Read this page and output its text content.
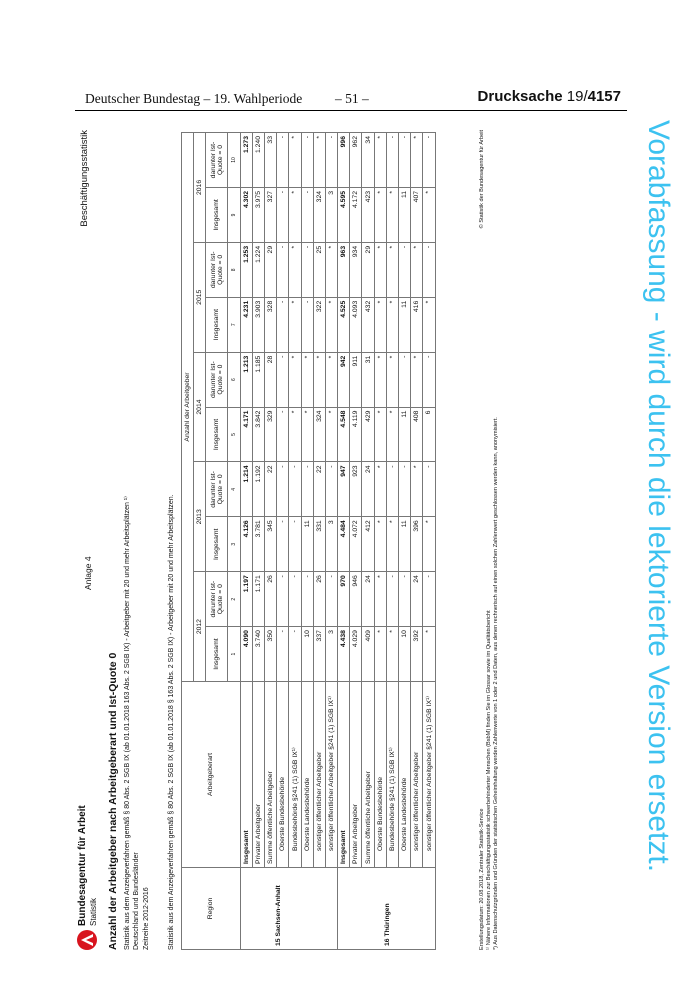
Deutscher Bundestag – 19. Wahlperiode – 51 –	Drucksache 19/4157
Bundesagentur für Arbeit Statistik
Anlage 4
Beschäftigungsstatistik
Anzahl der Arbeitgeber nach Arbeitgeberart und Ist-Quote 0 Statistik aus dem Anzeigeverfahren gemäß § 80 Abs. 2 SGB IX (ab 01.01.2018 163 Abs. 2 SGB IX) - Arbeitgeber mit 20 und mehr Arbeitsplätzen ¹⁾ Deutschland und Bundesländer Zeitreihe 2012-2016	Statistik aus dem Anzeigeverfahren gemäß § 80 Abs. 2 SGB IX (ab 01.01.2018 § 163 Abs. 2 SGB IX) - Arbeitgeber mit 20 und mehr Arbeitsplätzen.	Region	Arbeitgeberart	Anzahl der Arbeitgeber									
		2012		2013		2014		2015		2016	
		Insgesamt	darunter Ist-Quote = 0	Insgesamt	darunter Ist-Quote = 0	Insgesamt	darunter Ist-Quote = 0	Insgesamt	darunter Ist-Quote = 0	Insgesamt	darunter Ist-Quote = 0
		1	2	3	4	5	6	7	8	9	10
15 Sachsen-Anhalt	Insgesamt	4.090	1.197	4.126	1.214	4.171	1.213	4.231	1.253	4.302	1.273
	Privater Arbeitgeber	3.740	1.171	3.781	1.192	3.842	1.185	3.903	1.224	3.975	1.240
	Summe öffentliche Arbeitgeber	350	26	345	22	329	28	328	29	327	33
	Oberste Bundesbehörde	-	-	-	-	-	-	-	-	-	-
	Bundesbehörde §241 (1) SGB IX¹⁾	-	-	-	-	*	*	*	*	*	*
	Oberste Landesbehörde	10	-	11	-	*	*	-	-	-	-
	sonstiger öffentlicher Arbeitgeber	337	26	331	22	324	*	322	25	324	*
	sonstiger öffentlicher Arbeitgeber §241 (1) SGB IX¹⁾	3	-	3	-	*	*	*	*	3	-
16 Thüringen	Insgesamt	4.438	970	4.484	947	4.548	942	4.525	963	4.595	996
	Privater Arbeitgeber	4.029	946	4.072	923	4.119	911	4.093	934	4.172	962
	Summe öffentliche Arbeitgeber	409	24	412	24	429	31	432	29	423	34
	Oberste Bundesbehörde	*	*	*	*	*	*	*	*	*	*
	Bundesbehörde §241 (1) SGB IX¹⁾	*	-	*	-	*	*	*	*	*	-
	Oberste Landesbehörde	10	-	11	-	11	-	11	-	11	-
	sonstiger öffentlicher Arbeitgeber	392	24	396	*	408	*	416	*	407	*
	sonstiger öffentlicher Arbeitgeber §241 (1) SGB IX¹⁾	*	-	*	-	6	-	*	-	*	-
Erstellungsdatum: 20.08.2018, Zentraler Statistik-Service ¹⁾ Nähere Informationen zur Beschäftigungsstatistik schwerbehinderter Menschen (BsbM) finden Sie im Glossar sowie im Qualitätsbericht *) Aus Datenschutzgründen und Gründen der statistischen Geheimhaltung werden Zahlenwerte von 1 oder 2 und Daten, aus denen rechnerisch auf einen solchen Zahlenwert geschlossen werden kann, anonymisiert.
© Statistik der Bundesagentur für Arbeit	Vorabfassung - wird durch die lektorierte Version ersetzt.
